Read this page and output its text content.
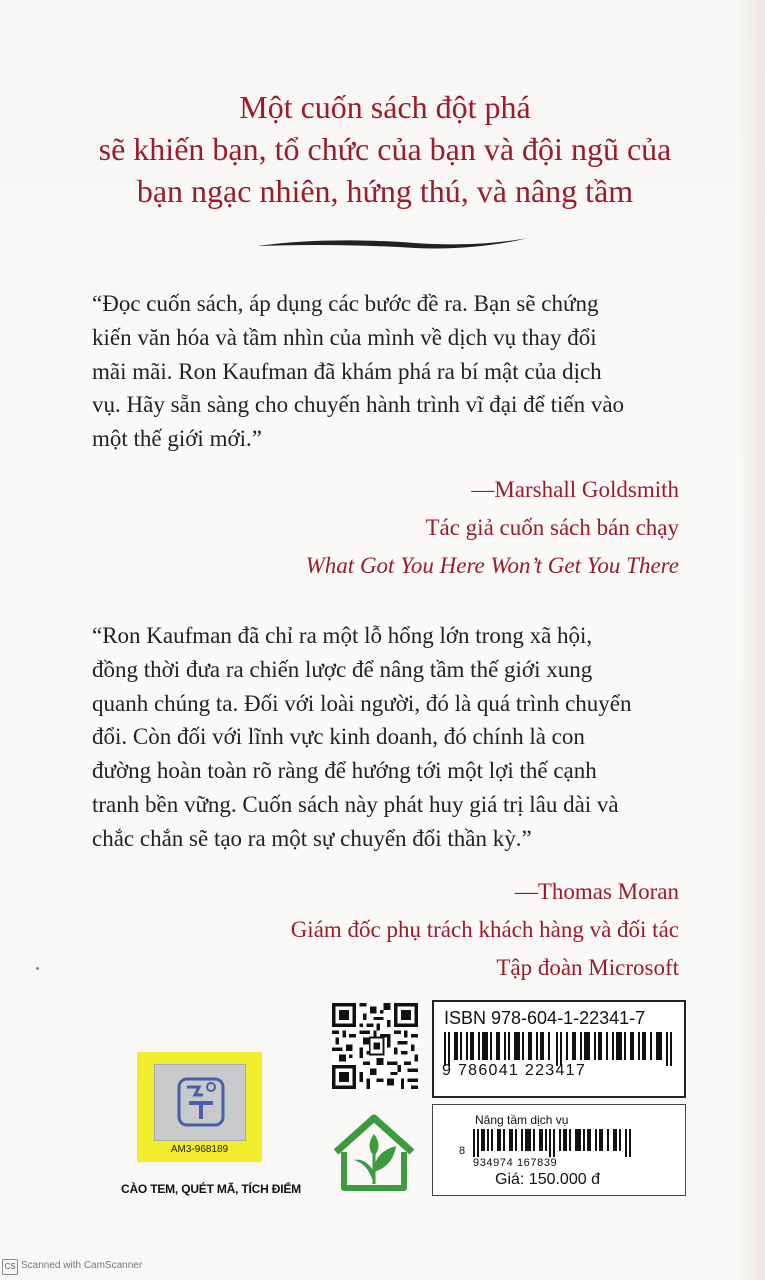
Một cuốn sách đột phá
sẽ khiến bạn, tổ chức của bạn và đội ngũ của
bạn ngạc nhiên, hứng thú, và nâng tầm
“Đọc cuốn sách, áp dụng các bước đề ra. Bạn sẽ chứng
kiến văn hóa và tầm nhìn của mình về dịch vụ thay đổi
mãi mãi. Ron Kaufman đã khám phá ra bí mật của dịch
vụ. Hãy sẵn sàng cho chuyến hành trình vĩ đại để tiến vào
một thế giới mới.”
—Marshall Goldsmith
Tác giả cuốn sách bán chạy
What Got You Here Won’t Get You There
“Ron Kaufman đã chỉ ra một lỗ hổng lớn trong xã hội,
đồng thời đưa ra chiến lược để nâng tầm thế giới xung
quanh chúng ta. Đối với loài người, đó là quá trình chuyển
đổi. Còn đối với lĩnh vực kinh doanh, đó chính là con
đường hoàn toàn rõ ràng để hướng tới một lợi thế cạnh
tranh bền vững. Cuốn sách này phát huy giá trị lâu dài và
chắc chắn sẽ tạo ra một sự chuyển đổi thần kỳ.”
—Thomas Moran
Giám đốc phụ trách khách hàng và đối tác
Tập đoàn Microsoft
AM3-968189
CÀO TEM, QUÉT MÃ, TÍCH ĐIỂM
ISBN 978-604-1-22341-7
9 786041 223417
Nâng tầm dịch vụ
8
934974 167839
Giá: 150.000 đ
CS Scanned with CamScanner
